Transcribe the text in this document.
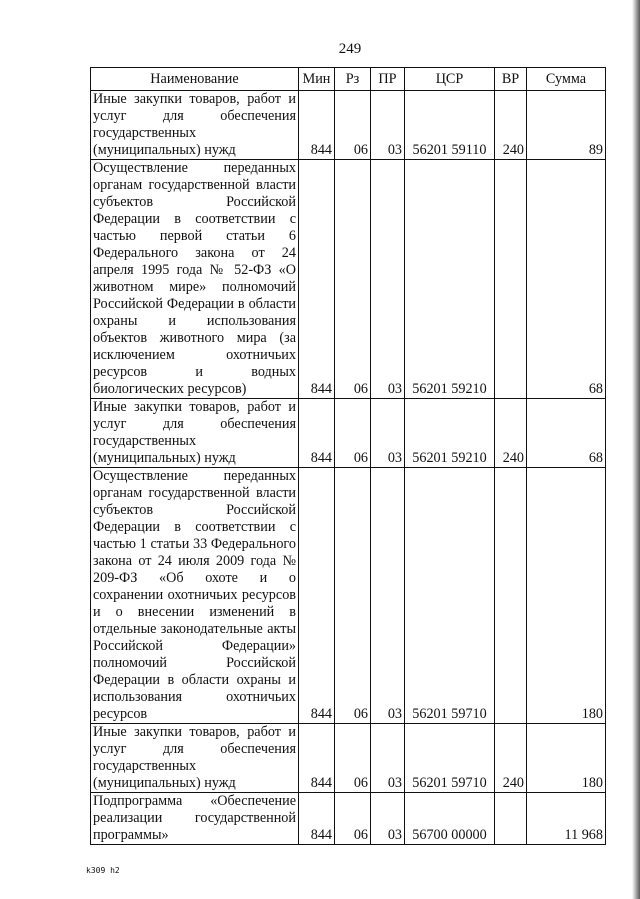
249
Наименование	Мин	Рз	ПР	ЦСР	ВР	Сумма
Иные закупки товаров, работ и услуг для обеспечения государственных (муниципальных) нужд	844	06	03	56201 59110	240	89
Осуществление переданных органам государственной власти субъектов Российской Федерации в соответствии с частью первой статьи 6 Федерального закона от 24 апреля 1995 года № 52-ФЗ «О животном мире» полномочий Российской Федерации в области охраны и использования объектов животного мира (за исключением охотничьих ресурсов и водных биологических ресурсов)	844	06	03	56201 59210		68
Иные закупки товаров, работ и услуг для обеспечения государственных (муниципальных) нужд	844	06	03	56201 59210	240	68
Осуществление переданных органам государственной власти субъектов Российской Федерации в соответствии с частью 1 статьи 33 Федерального закона от 24 июля 2009 года № 209-ФЗ «Об охоте и о сохранении охотничьих ресурсов и о внесении изменений в отдельные законодательные акты Российской Федерации» полномочий Российской Федерации в области охраны и использования охотничьих ресурсов	844	06	03	56201 59710		180
Иные закупки товаров, работ и услуг для обеспечения государственных (муниципальных) нужд	844	06	03	56201 59710	240	180
Подпрограмма «Обеспечение реализации государственной программы»	844	06	03	56700 00000		11 968
k309 h2
